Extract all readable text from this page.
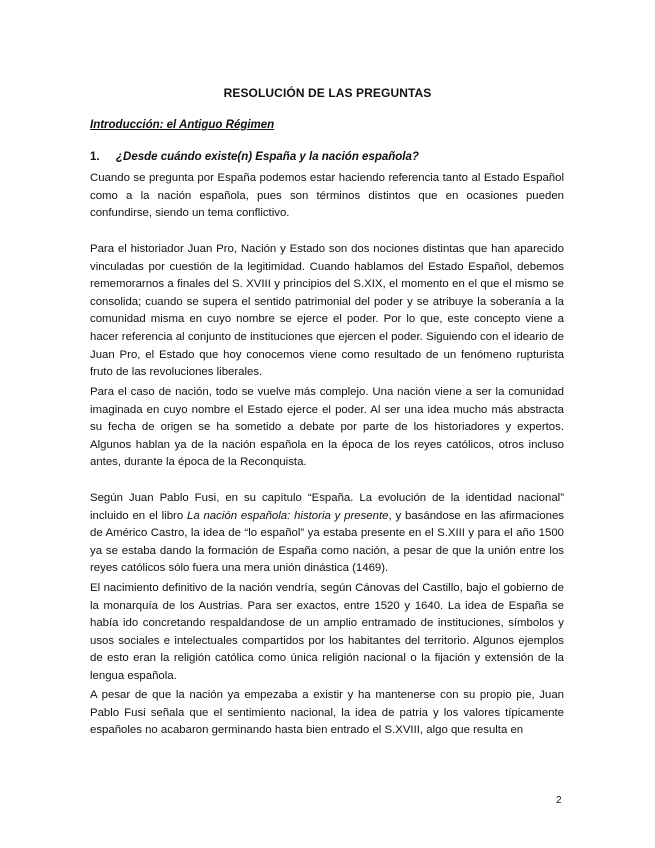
RESOLUCIÓN DE LAS PREGUNTAS
Introducción: el Antiguo Régimen
1. ¿Desde cuándo existe(n) España y la nación española?

Cuando se pregunta por España podemos estar haciendo referencia tanto al Estado Español como a la nación española, pues son términos distintos que en ocasiones pueden confundirse, siendo un tema conflictivo.

Para el historiador Juan Pro, Nación y Estado son dos nociones distintas que han aparecido vinculadas por cuestión de la legitimidad. Cuando hablamos del Estado Español, debemos rememorarnos a finales del S. XVIII y principios del S.XIX, el momento en el que el mismo se consolida; cuando se supera el sentido patrimonial del poder y se atribuye la soberanía a la comunidad misma en cuyo nombre se ejerce el poder. Por lo que, este concepto viene a hacer referencia al conjunto de instituciones que ejercen el poder. Siguiendo con el ideario de Juan Pro, el Estado que hoy conocemos viene como resultado de un fenómeno rupturista fruto de las revoluciones liberales.

Para el caso de nación, todo se vuelve más complejo. Una nación viene a ser la comunidad imaginada en cuyo nombre el Estado ejerce el poder. Al ser una idea mucho más abstracta su fecha de origen se ha sometido a debate por parte de los historiadores y expertos. Algunos hablan ya de la nación española en la época de los reyes católicos, otros incluso antes, durante la época de la Reconquista.

Según Juan Pablo Fusi, en su capítulo “España. La evolución de la identidad nacional” incluido en el libro La nación española: historia y presente, y basándose en las afirmaciones de Américo Castro, la idea de “lo español” ya estaba presente en el S.XIII y para el año 1500 ya se estaba dando la formación de España como nación, a pesar de que la unión entre los reyes católicos sólo fuera una mera unión dinástica (1469).

El nacimiento definitivo de la nación vendría, según Cánovas del Castillo, bajo el gobierno de la monarquía de los Austrias. Para ser exactos, entre 1520 y 1640. La idea de España se había ido concretando respaldandose de un amplio entramado de instituciones, símbolos y usos sociales e intelectuales compartidos por los habitantes del territorio. Algunos ejemplos de esto eran la religión católica como única religión nacional o la fijación y extensión de la lengua española.

A pesar de que la nación ya empezaba a existir y ha mantenerse con su propio pie, Juan Pablo Fusi señala que el sentimiento nacional, la idea de patria y los valores típicamente españoles no acabaron germinando hasta bien entrado el S.XVIII, algo que resulta en

2
